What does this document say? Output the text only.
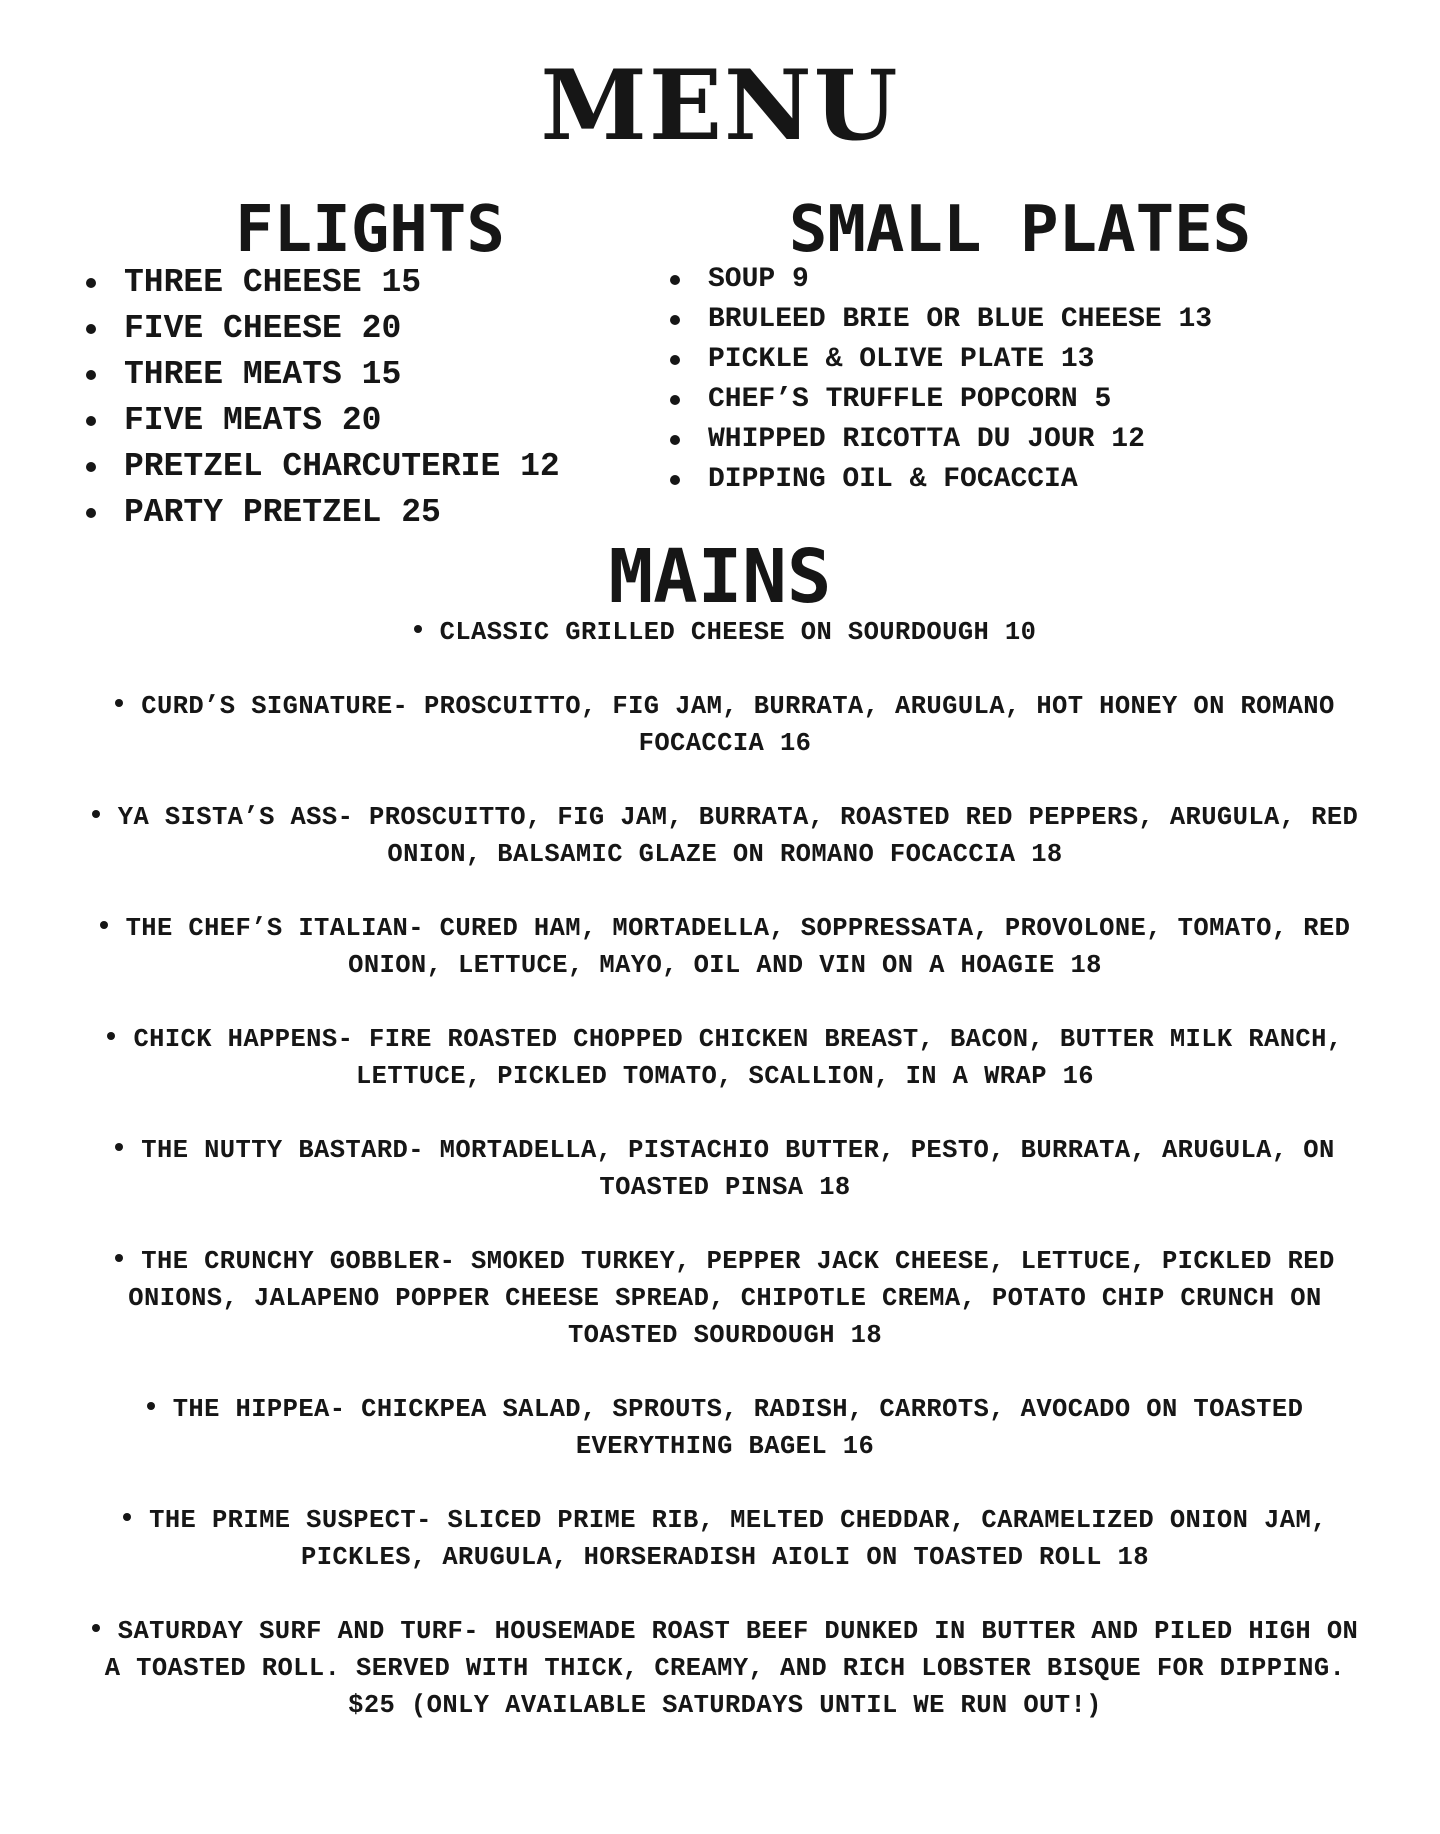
MENU
FLIGHTS	SMALL PLATES
THREE CHEESE 15
FIVE CHEESE 20
THREE MEATS 15
FIVE MEATS 20
PRETZEL CHARCUTERIE 12
PARTY PRETZEL 25
SOUP 9
BRULEED BRIE OR BLUE CHEESE 13
PICKLE & OLIVE PLATE 13
CHEF’S TRUFFLE POPCORN 5
WHIPPED RICOTTA DU JOUR 12
DIPPING OIL & FOCACCIA
MAINS
CLASSIC GRILLED CHEESE ON SOURDOUGH 10
CURD’S SIGNATURE- PROSCUITTO, FIG JAM, BURRATA, ARUGULA, HOT HONEY ON ROMANO FOCACCIA 16
YA SISTA’S ASS- PROSCUITTO, FIG JAM, BURRATA, ROASTED RED PEPPERS, ARUGULA, RED ONION, BALSAMIC GLAZE ON ROMANO FOCACCIA 18
THE CHEF’S ITALIAN- CURED HAM, MORTADELLA, SOPPRESSATA, PROVOLONE, TOMATO, RED ONION, LETTUCE, MAYO, OIL AND VIN ON A HOAGIE 18
CHICK HAPPENS- FIRE ROASTED CHOPPED CHICKEN BREAST, BACON, BUTTER MILK RANCH, LETTUCE, PICKLED TOMATO, SCALLION, IN A WRAP 16
THE NUTTY BASTARD- MORTADELLA, PISTACHIO BUTTER, PESTO, BURRATA, ARUGULA, ON TOASTED PINSA 18
THE CRUNCHY GOBBLER- SMOKED TURKEY, PEPPER JACK CHEESE, LETTUCE, PICKLED RED ONIONS, JALAPENO POPPER CHEESE SPREAD, CHIPOTLE CREMA, POTATO CHIP CRUNCH ON TOASTED SOURDOUGH 18
THE HIPPEA- CHICKPEA SALAD, SPROUTS, RADISH, CARROTS, AVOCADO ON TOASTED EVERYTHING BAGEL 16
THE PRIME SUSPECT- SLICED PRIME RIB, MELTED CHEDDAR, CARAMELIZED ONION JAM, PICKLES, ARUGULA, HORSERADISH AIOLI ON TOASTED ROLL 18
SATURDAY SURF AND TURF- HOUSEMADE ROAST BEEF DUNKED IN BUTTER AND PILED HIGH ON A TOASTED ROLL. SERVED WITH THICK, CREAMY, AND RICH LOBSTER BISQUE FOR DIPPING. $25 (ONLY AVAILABLE SATURDAYS UNTIL WE RUN OUT!)
